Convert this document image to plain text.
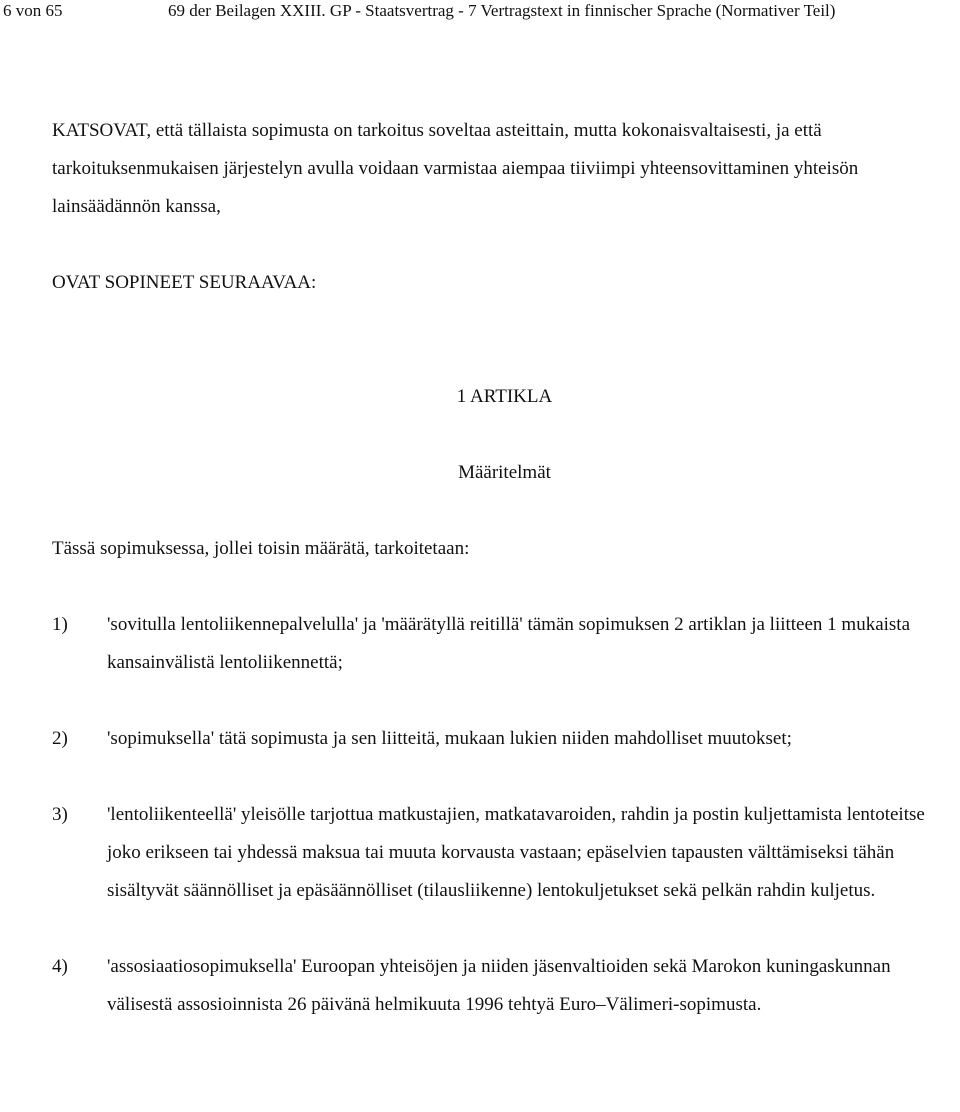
6 von 65	69 der Beilagen XXIII. GP - Staatsvertrag - 7 Vertragstext in finnischer Sprache (Normativer Teil)

KATSOVAT, että tällaista sopimusta on tarkoitus soveltaa asteittain, mutta kokonaisvaltaisesti, ja että tarkoituksenmukaisen järjestelyn avulla voidaan varmistaa aiempaa tiiviimpi yhteensovittaminen yhteisön lainsäädännön kanssa,

OVAT SOPINEET SEURAAVAA:

1 ARTIKLA

Määritelmät

Tässä sopimuksessa, jollei toisin määrätä, tarkoitetaan:

1)	'sovitulla lentoliikennepalvelulla' ja 'määrätyllä reitillä' tämän sopimuksen 2 artiklan ja liitteen 1 mukaista kansainvälistä lentoliikennettä;
2)	'sopimuksella' tätä sopimusta ja sen liitteitä, mukaan lukien niiden mahdolliset muutokset;
3)	'lentoliikenteellä' yleisölle tarjottua matkustajien, matkatavaroiden, rahdin ja postin kuljettamista lentoteitse joko erikseen tai yhdessä maksua tai muuta korvausta vastaan; epäselvien tapausten välttämiseksi tähän sisältyvät säännölliset ja epäsäännölliset (tilausliikenne) lentokuljetukset sekä pelkän rahdin kuljetus.
4)	'assosiaatiosopimuksella' Euroopan yhteisöjen ja niiden jäsenvaltioiden sekä Marokon kuningaskunnan välisestä assosioinnista 26 päivänä helmikuuta 1996 tehtyä Euro–Välimeri-sopimusta.
